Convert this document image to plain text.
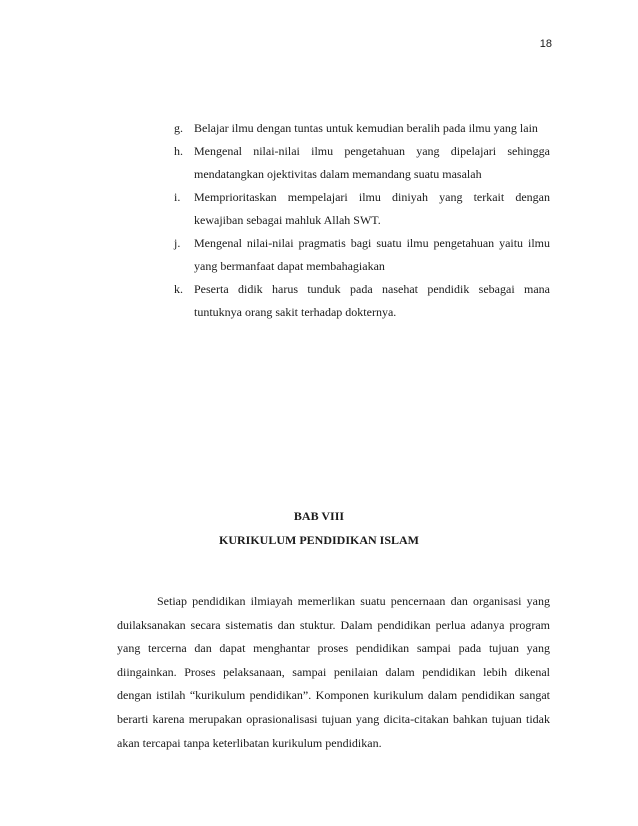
18
g. Belajar ilmu dengan tuntas untuk kemudian beralih pada ilmu yang lain
h. Mengenal nilai-nilai ilmu pengetahuan yang dipelajari sehingga mendatangkan ojektivitas dalam memandang suatu masalah
i. Memprioritaskan mempelajari ilmu diniyah yang terkait dengan kewajiban sebagai mahluk Allah SWT.
j. Mengenal nilai-nilai pragmatis bagi suatu ilmu pengetahuan yaitu ilmu yang bermanfaat dapat membahagiakan
k. Peserta didik harus tunduk pada nasehat pendidik sebagai mana tuntuknya orang sakit terhadap dokternya.
BAB VIII
KURIKULUM PENDIDIKAN ISLAM

Setiap pendidikan ilmiayah memerlikan suatu pencernaan dan organisasi yang duilaksanakan secara sistematis dan stuktur. Dalam pendidikan perlua adanya program yang tercerna dan dapat menghantar proses pendidikan sampai pada tujuan yang diingainkan. Proses pelaksanaan, sampai penilaian dalam pendidikan lebih dikenal dengan istilah “kurikulum pendidikan”. Komponen kurikulum dalam pendidikan sangat berarti karena merupakan oprasionalisasi tujuan yang dicita-citakan bahkan tujuan tidak akan tercapai tanpa keterlibatan kurikulum pendidikan.
